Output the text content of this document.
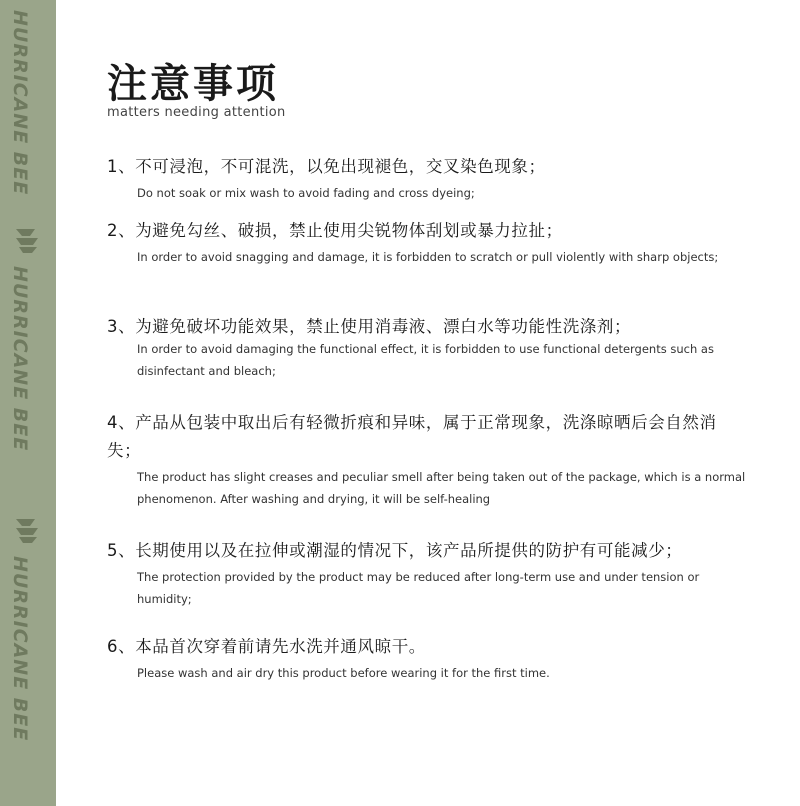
HURRICANE BEE
HURRICANE BEE
HURRICANE BEE
注意事项
matters needing attention
1、不可浸泡，不可混洗，以免出现褪色，交叉染色现象；
Do not soak or mix wash to avoid fading and cross dyeing;
2、为避免勾丝、破损，禁止使用尖锐物体刮划或暴力拉扯；
In order to avoid snagging and damage, it is forbidden to scratch or pull violently with sharp objects;
3、为避免破坏功能效果，禁止使用消毒液、漂白水等功能性洗涤剂；
In order to avoid damaging the functional effect, it is forbidden to use functional detergents such as disinfectant and bleach;
4、产品从包装中取出后有轻微折痕和异味，属于正常现象，洗涤晾晒后会自然消失；
The product has slight creases and peculiar smell after being taken out of the package, which is a normal phenomenon. After washing and drying, it will be self-healing
5、长期使用以及在拉伸或潮湿的情况下，该产品所提供的防护有可能减少；
The protection provided by the product may be reduced after long-term use and under tension or humidity;
6、本品首次穿着前请先水洗并通风晾干。
Please wash and air dry this product before wearing it for the first time.
